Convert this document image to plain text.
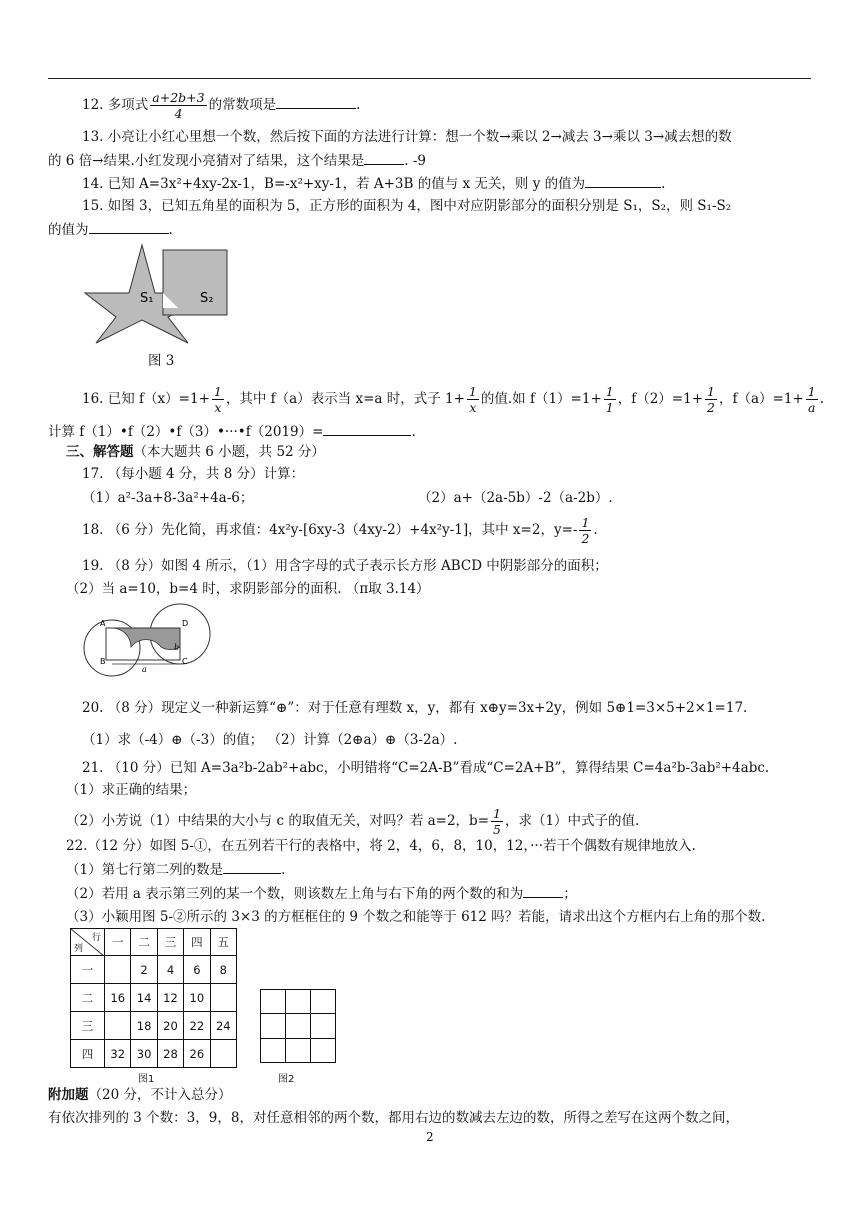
12. 多项式 $\frac{a+2b+3}{4}$ 的常数项是	.
13. 小亮让小红心里想一个数，然后按下面的方法进行计算：想一个数→乘以 2→减去 3→乘以 3→减去想的数
的 6 倍→结果.小红发现小亮猜对了结果，这个结果是	. -9
14. 已知 A=3x²+4xy-2x-1，B=-x²+xy-1，若 A+3B 的值与 x 无关，则 y 的值为	.
15. 如图 3，已知五角星的面积为 5，正方形的面积为 4，图中对应阴影部分的面积分别是 S₁，S₂，则 S₁-S₂
的值为	.
S₁	S₂
图 3
16. 已知 $f(x)=1+ \frac{1}{x}$ ，其中 f（a）表示当 x=a 时，式子 $1+ \frac{1}{x}$ 的值.如 $f(1)=1+ \frac{1}{1}$ ，$f(2)=1+ \frac{1}{2}$ ，$f(a)=1+ \frac{1}{a}$ .
计算 f（1）•f（2）•f（3）•···•f（2019）=	.
三、解答题（本大题共 6 小题，共 52 分）
17. （每小题 4 分，共 8 分）计算：
（1）a²-3a+8-3a²+4a-6；	（2）a+（2a-5b）-2（a-2b）.
18. （6 分）先化简，再求值：4x²y-[6xy-3（4xy-2）+4x²y-1]，其中 x=2，$y=- \frac{1}{2}$ .
19. （8 分）如图 4 所示，（1）用含字母的式子表示长方形 ABCD 中阴影部分的面积；
（2）当 a=10，b=4 时，求阴影部分的面积. （π取 3.14）
A
B	C
D
a
b
20. （8 分）现定义一种新运算“⊕”：对于任意有理数 x，y，都有 x⊕y=3x+2y，例如 5⊕1=3×5+2×1=17.
（1）求（-4）⊕（-3）的值； （2）计算（2⊕a）⊕（3-2a）.
21. （10 分）已知 A=3a²b-2ab²+abc，小明错将“C=2A-B”看成“C=2A+B”，算得结果 C=4a²b-3ab²+4abc.
（1）求正确的结果；
（2）小芳说（1）中结果的大小与 c 的取值无关，对吗？若 a=2，$b= \frac{1}{5}$ ，求（1）中式子的值.
22.（12 分）如图 5-①，在五列若干行的表格中，将 2，4，6，8，10，12，···若干个偶数有规律地放入.
（1）第七行第二列的数是	.
（2）若用 a 表示第三列的某一个数，则该数左上角与右下角的两个数的和为	；
（3）小颖用图 5-②所示的 3×3 的方框框住的 9 个数之和能等于 612 吗？若能，请求出这个方框内右上角的那个数.
行
列	一	二	三	四	五
一		2	4	6	8
二	16	14	12	10	
三		18	20	22	24
四	32	30	28	26	
图1

			图2
附加题（20 分，不计入总分）
有依次排列的 3 个数：3，9，8，对任意相邻的两个数，都用右边的数减去左边的数，所得之差写在这两个数之间，
2
